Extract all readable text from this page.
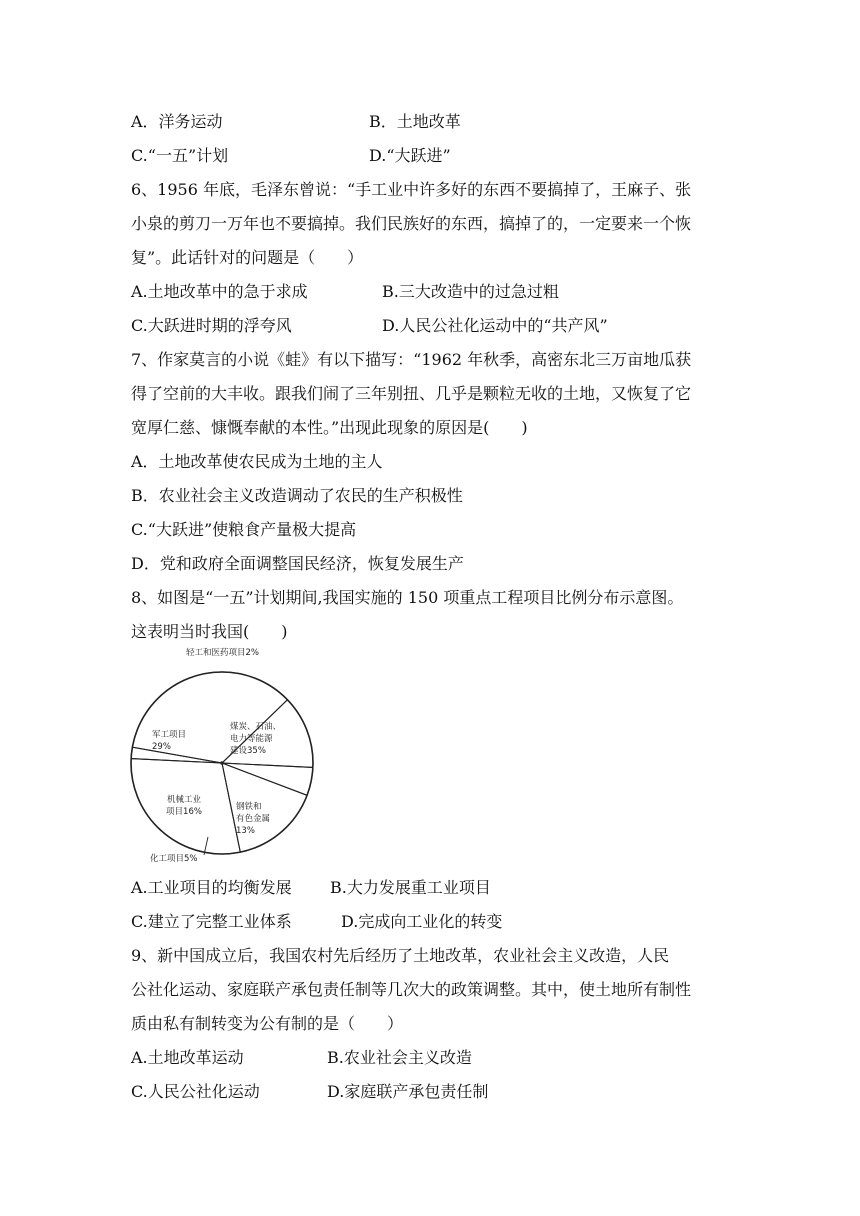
A．洋务运动	B．土地改革
C.“一五”计划	D.“大跃进”
6、1956 年底，毛泽东曾说：“手工业中许多好的东西不要搞掉了，王麻子、张
小泉的剪刀一万年也不要搞掉。我们民族好的东西，搞掉了的，一定要来一个恢
复”。此话针对的问题是（　　）
A.土地改革中的急于求成	B.三大改造中的过急过粗
C.大跃进时期的浮夸风	D.人民公社化运动中的“共产风”
7、作家莫言的小说《蛙》有以下描写：“1962 年秋季，高密东北三万亩地瓜获
得了空前的大丰收。跟我们闹了三年别扭、几乎是颗粒无收的土地，又恢复了它
宽厚仁慈、慷慨奉献的本性。”出现此现象的原因是(　　)
A．土地改革使农民成为土地的主人
B．农业社会主义改造调动了农民的生产积极性
C.“大跃进”使粮食产量极大提高
D．党和政府全面调整国民经济，恢复发展生产
8、如图是“一五”计划期间,我国实施的 150 项重点工程项目比例分布示意图。
这表明当时我国(　　)
煤炭、石油、电力等能源建设35%
钢铁和有色金属 13%
化工项目5%
机械工业项目16%
军工项目 29%
轻工和医药项目2%
A.工业项目的均衡发展 B.大力发展重工业项目
C.建立了完整工业体系	D.完成向工业化的转变
9、新中国成立后，我国农村先后经历了土地改革，农业社会主义改造，人民
公社化运动、家庭联产承包责任制等几次大的政策调整。其中，使土地所有制性
质由私有制转变为公有制的是（　　）
A.土地改革运动	B.农业社会主义改造
C.人民公社化运动	D.家庭联产承包责任制
